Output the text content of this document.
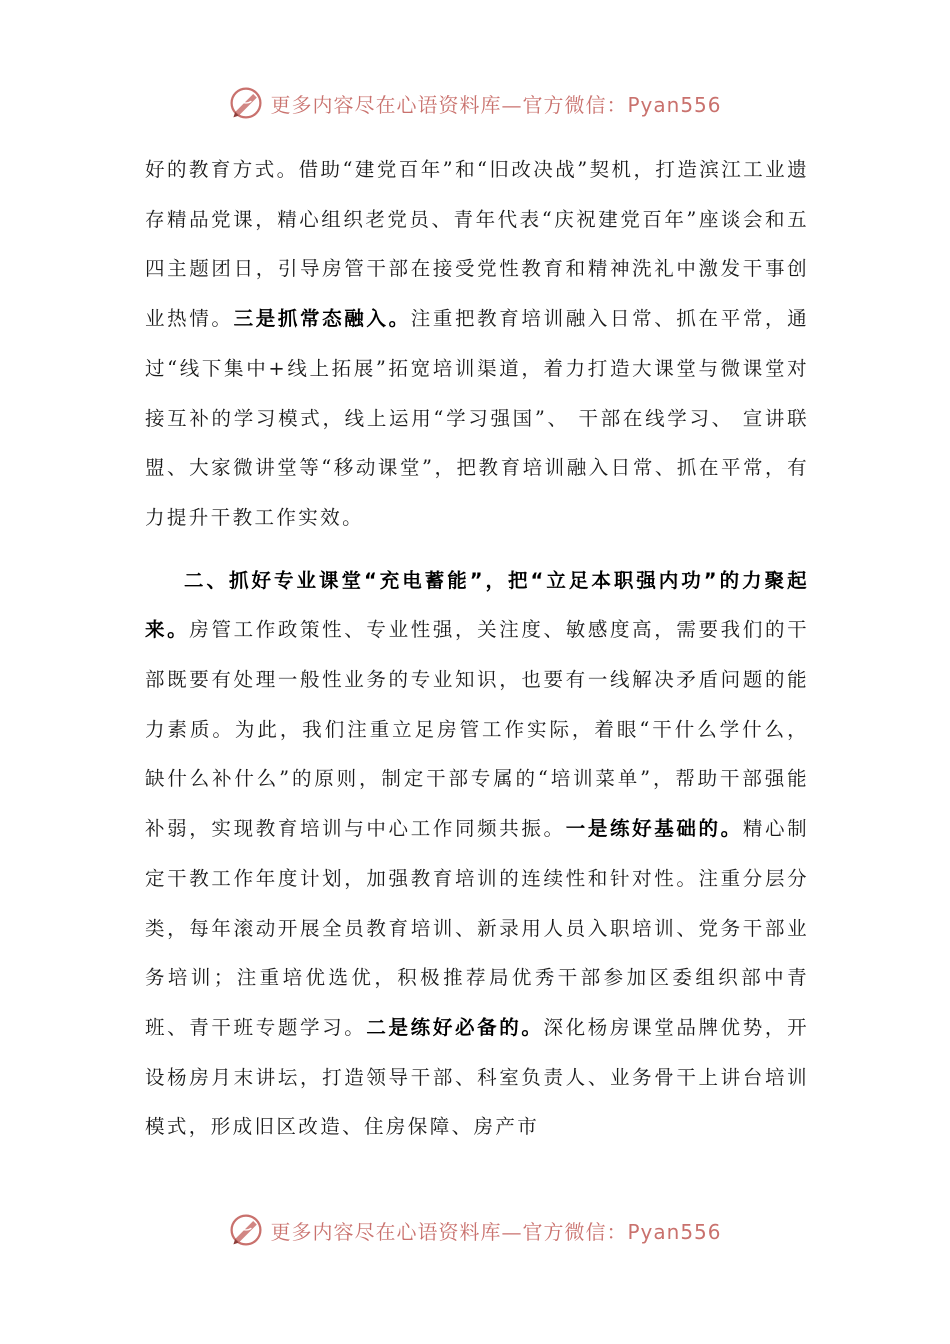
更多内容尽在心语资料库—官方微信：Pyan556

好的教育方式。借助“建党百年”和“旧改决战”契机，打造滨江工业遗存精品党课，精心组织老党员、青年代表“庆祝建党百年”座谈会和五四主题团日，引导房管干部在接受党性教育和精神洗礼中激发干事创业热情。三是抓常态融入。注重把教育培训融入日常、抓在平常，通过“线下集中+线上拓展”拓宽培训渠道，着力打造大课堂与微课堂对接互补的学习模式，线上运用“学习强国”、 干部在线学习、 宣讲联盟、大家微讲堂等“移动课堂”，把教育培训融入日常、抓在平常，有力提升干教工作实效。

二、抓好专业课堂“充电蓄能”，把“立足本职强内功”的力聚起来。房管工作政策性、专业性强，关注度、敏感度高，需要我们的干部既要有处理一般性业务的专业知识，也要有一线解决矛盾问题的能力素质。为此，我们注重立足房管工作实际，着眼“干什么学什么，缺什么补什么”的原则，制定干部专属的“培训菜单”，帮助干部强能补弱，实现教育培训与中心工作同频共振。一是练好基础的。精心制定干教工作年度计划，加强教育培训的连续性和针对性。注重分层分类，每年滚动开展全员教育培训、新录用人员入职培训、党务干部业务培训；注重培优选优，积极推荐局优秀干部参加区委组织部中青班、青干班专题学习。二是练好必备的。深化杨房课堂品牌优势，开设杨房月末讲坛，打造领导干部、科室负责人、业务骨干上讲台培训模式，形成旧区改造、住房保障、房产市

更多内容尽在心语资料库—官方微信：Pyan556
